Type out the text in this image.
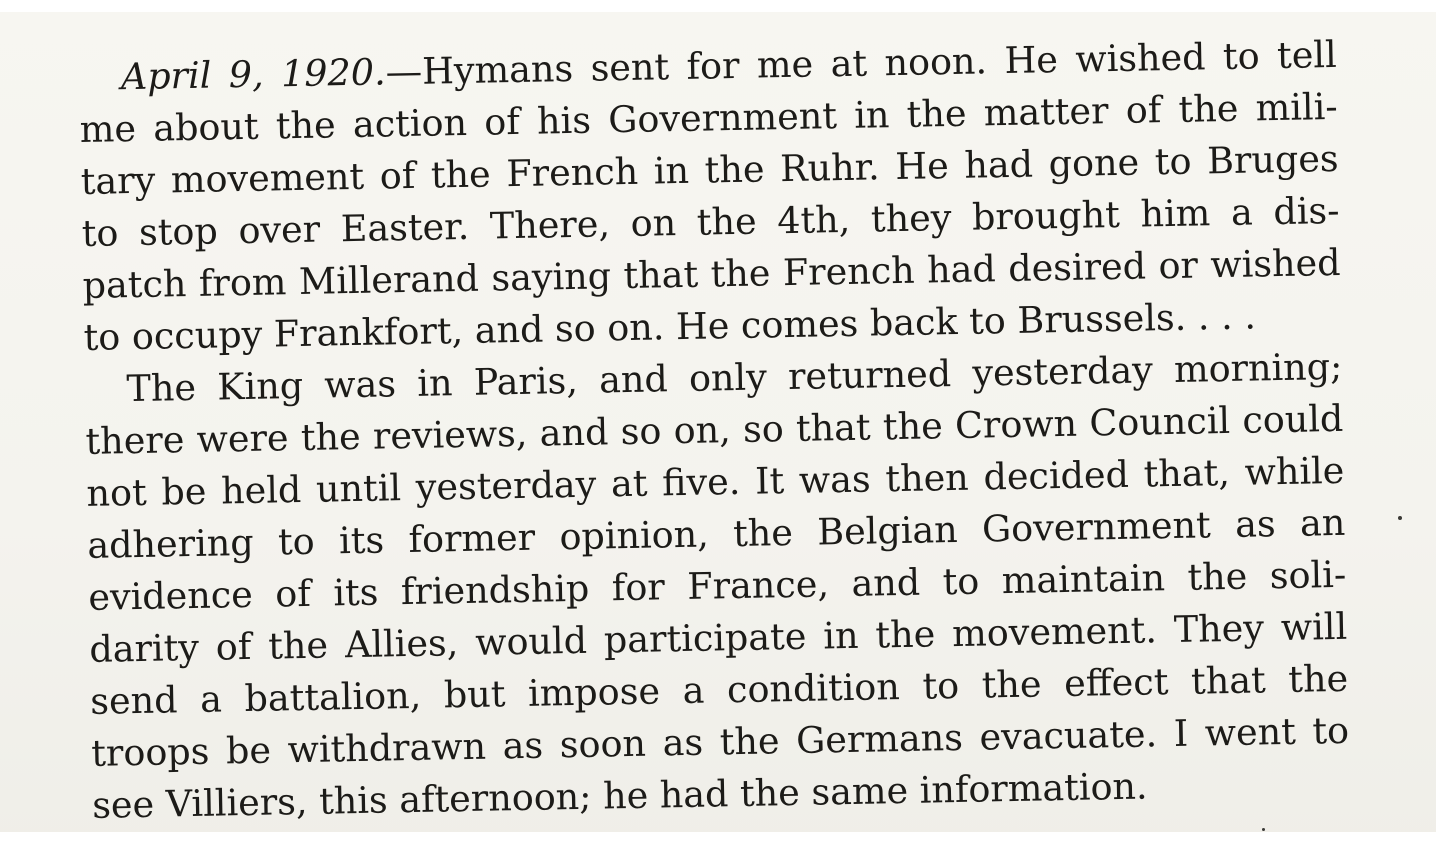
April 9, 1920.—Hymans sent for me at noon. He wished to tell
me about the action of his Government in the matter of the mili-
tary movement of the French in the Ruhr. He had gone to Bruges
to stop over Easter. There, on the 4th, they brought him a dis-
patch from Millerand saying that the French had desired or wished
to occupy Frankfort, and so on. He comes back to Brussels. . . .
The King was in Paris, and only returned yesterday morning;
there were the reviews, and so on, so that the Crown Council could
not be held until yesterday at five. It was then decided that, while
adhering to its former opinion, the Belgian Government as an
evidence of its friendship for France, and to maintain the soli-
darity of the Allies, would participate in the movement. They will
send a battalion, but impose a condition to the effect that the
troops be withdrawn as soon as the Germans evacuate. I went to
see Villiers, this afternoon; he had the same information.
